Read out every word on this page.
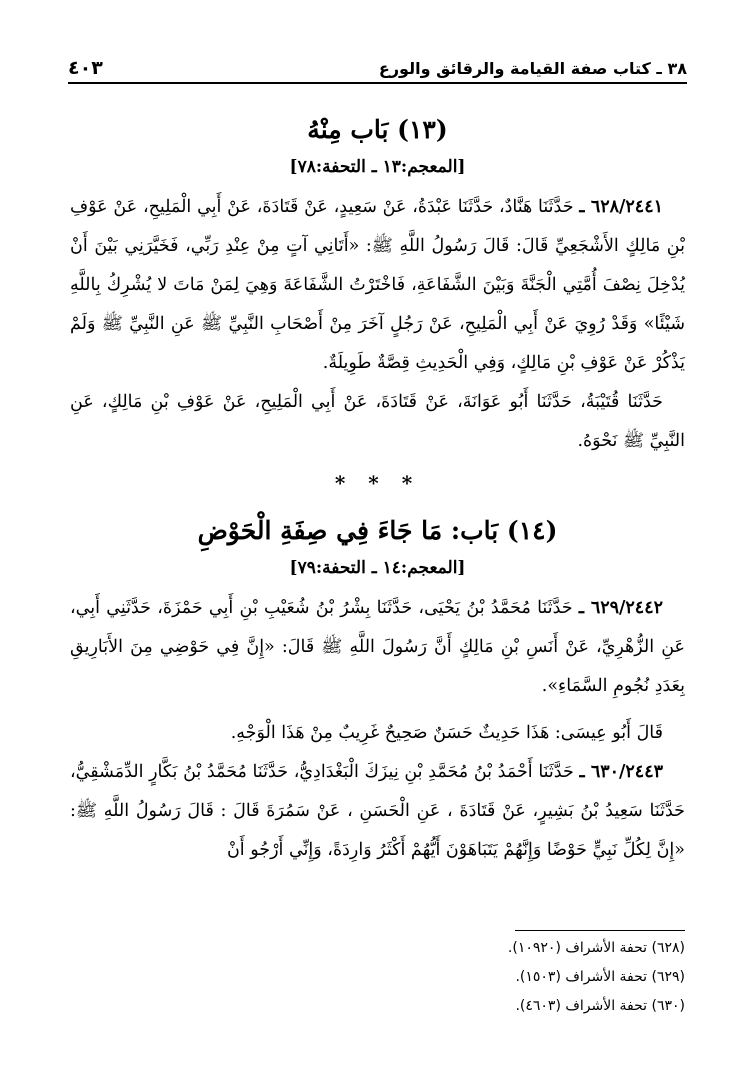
٣٨ ـ كتاب صفة القيامة والرقائق والورع
٤٠٣
(١٣) بَاب مِنْهُ
[المعجم:١٣ ـ التحفة:٧٨]

٦٢٨/٢٤٤١ ـ حَدَّثَنَا هَنَّادٌ، حَدَّثَنَا عَبْدَةُ، عَنْ سَعِيدٍ، عَنْ قَتَادَةَ، عَنْ أَبِي الْمَلِيحِ، عَنْ عَوْفِ بْنِ مَالِكٍ الأَشْجَعِيِّ قَالَ: قَالَ رَسُولُ اللَّهِ ﷺ: «أَتَانِي آتٍ مِنْ عِنْدِ رَبِّي، فَخَيَّرَنِي بَيْنَ أَنْ يُدْخِلَ نِصْفَ أُمَّتِي الْجَنَّةَ وَبَيْنَ الشَّفَاعَةِ، فَاخْتَرْتُ الشَّفَاعَةَ وَهِيَ لِمَنْ مَاتَ لا يُشْرِكُ بِاللَّهِ شَيْئًا» وَقَدْ رُوِيَ عَنْ أَبِي الْمَلِيحِ، عَنْ رَجُلٍ آخَرَ مِنْ أَصْحَابِ النَّبِيِّ ﷺ عَنِ النَّبِيِّ ﷺ وَلَمْ يَذْكُرْ عَنْ عَوْفِ بْنِ مَالِكٍ، وَفِي الْحَدِيثِ قِصَّةٌ طَوِيلَةٌ.

حَدَّثَنَا قُتَيْبَةُ، حَدَّثَنَا أَبُو عَوَانَةَ، عَنْ قَتَادَةَ، عَنْ أَبِي الْمَلِيحِ، عَنْ عَوْفِ بْنِ مَالِكٍ، عَنِ النَّبِيِّ ﷺ نَحْوَهُ.

* * *
(١٤) بَاب: مَا جَاءَ فِي صِفَةِ الْحَوْضِ
[المعجم:١٤ ـ التحفة:٧٩]

٦٢٩/٢٤٤٢ ـ حَدَّثَنَا مُحَمَّدُ بْنُ يَحْيَى، حَدَّثَنَا بِشْرُ بْنُ شُعَيْبِ بْنِ أَبِي حَمْزَةَ، حَدَّثَنِي أَبِي، عَنِ الزُّهْرِيِّ، عَنْ أَنَسِ بْنِ مَالِكٍ أَنَّ رَسُولَ اللَّهِ ﷺ قَالَ: «إِنَّ فِي حَوْضِي مِنَ الأَبَارِيقِ بِعَدَدِ نُجُومِ السَّمَاءِ».

قَالَ أَبُو عِيسَى: هَذَا حَدِيثٌ حَسَنٌ صَحِيحٌ غَرِيبٌ مِنْ هَذَا الْوَجْهِ.

٦٣٠/٢٤٤٣ ـ حَدَّثَنَا أَحْمَدُ بْنُ مُحَمَّدِ بْنِ نِيزَكَ الْبَغْدَادِيُّ، حَدَّثَنَا مُحَمَّدُ بْنُ بَكَّارٍ الدِّمَشْقِيُّ، حَدَّثَنَا سَعِيدُ بْنُ بَشِيرٍ، عَنْ قَتَادَةَ ، عَنِ الْحَسَنِ ، عَنْ سَمُرَةَ قَالَ : قَالَ رَسُولُ اللَّهِ ﷺ: «إِنَّ لِكُلِّ نَبِيٍّ حَوْضًا وَإِنَّهُمْ يَتَبَاهَوْنَ أَيُّهُمْ أَكْثَرُ وَارِدَةً، وَإِنِّي أَرْجُو أَنْ

(٦٢٨) تحفة الأشراف (١٠٩٢٠).
(٦٢٩) تحفة الأشراف (١٥٠٣).
(٦٣٠) تحفة الأشراف (٤٦٠٣).
